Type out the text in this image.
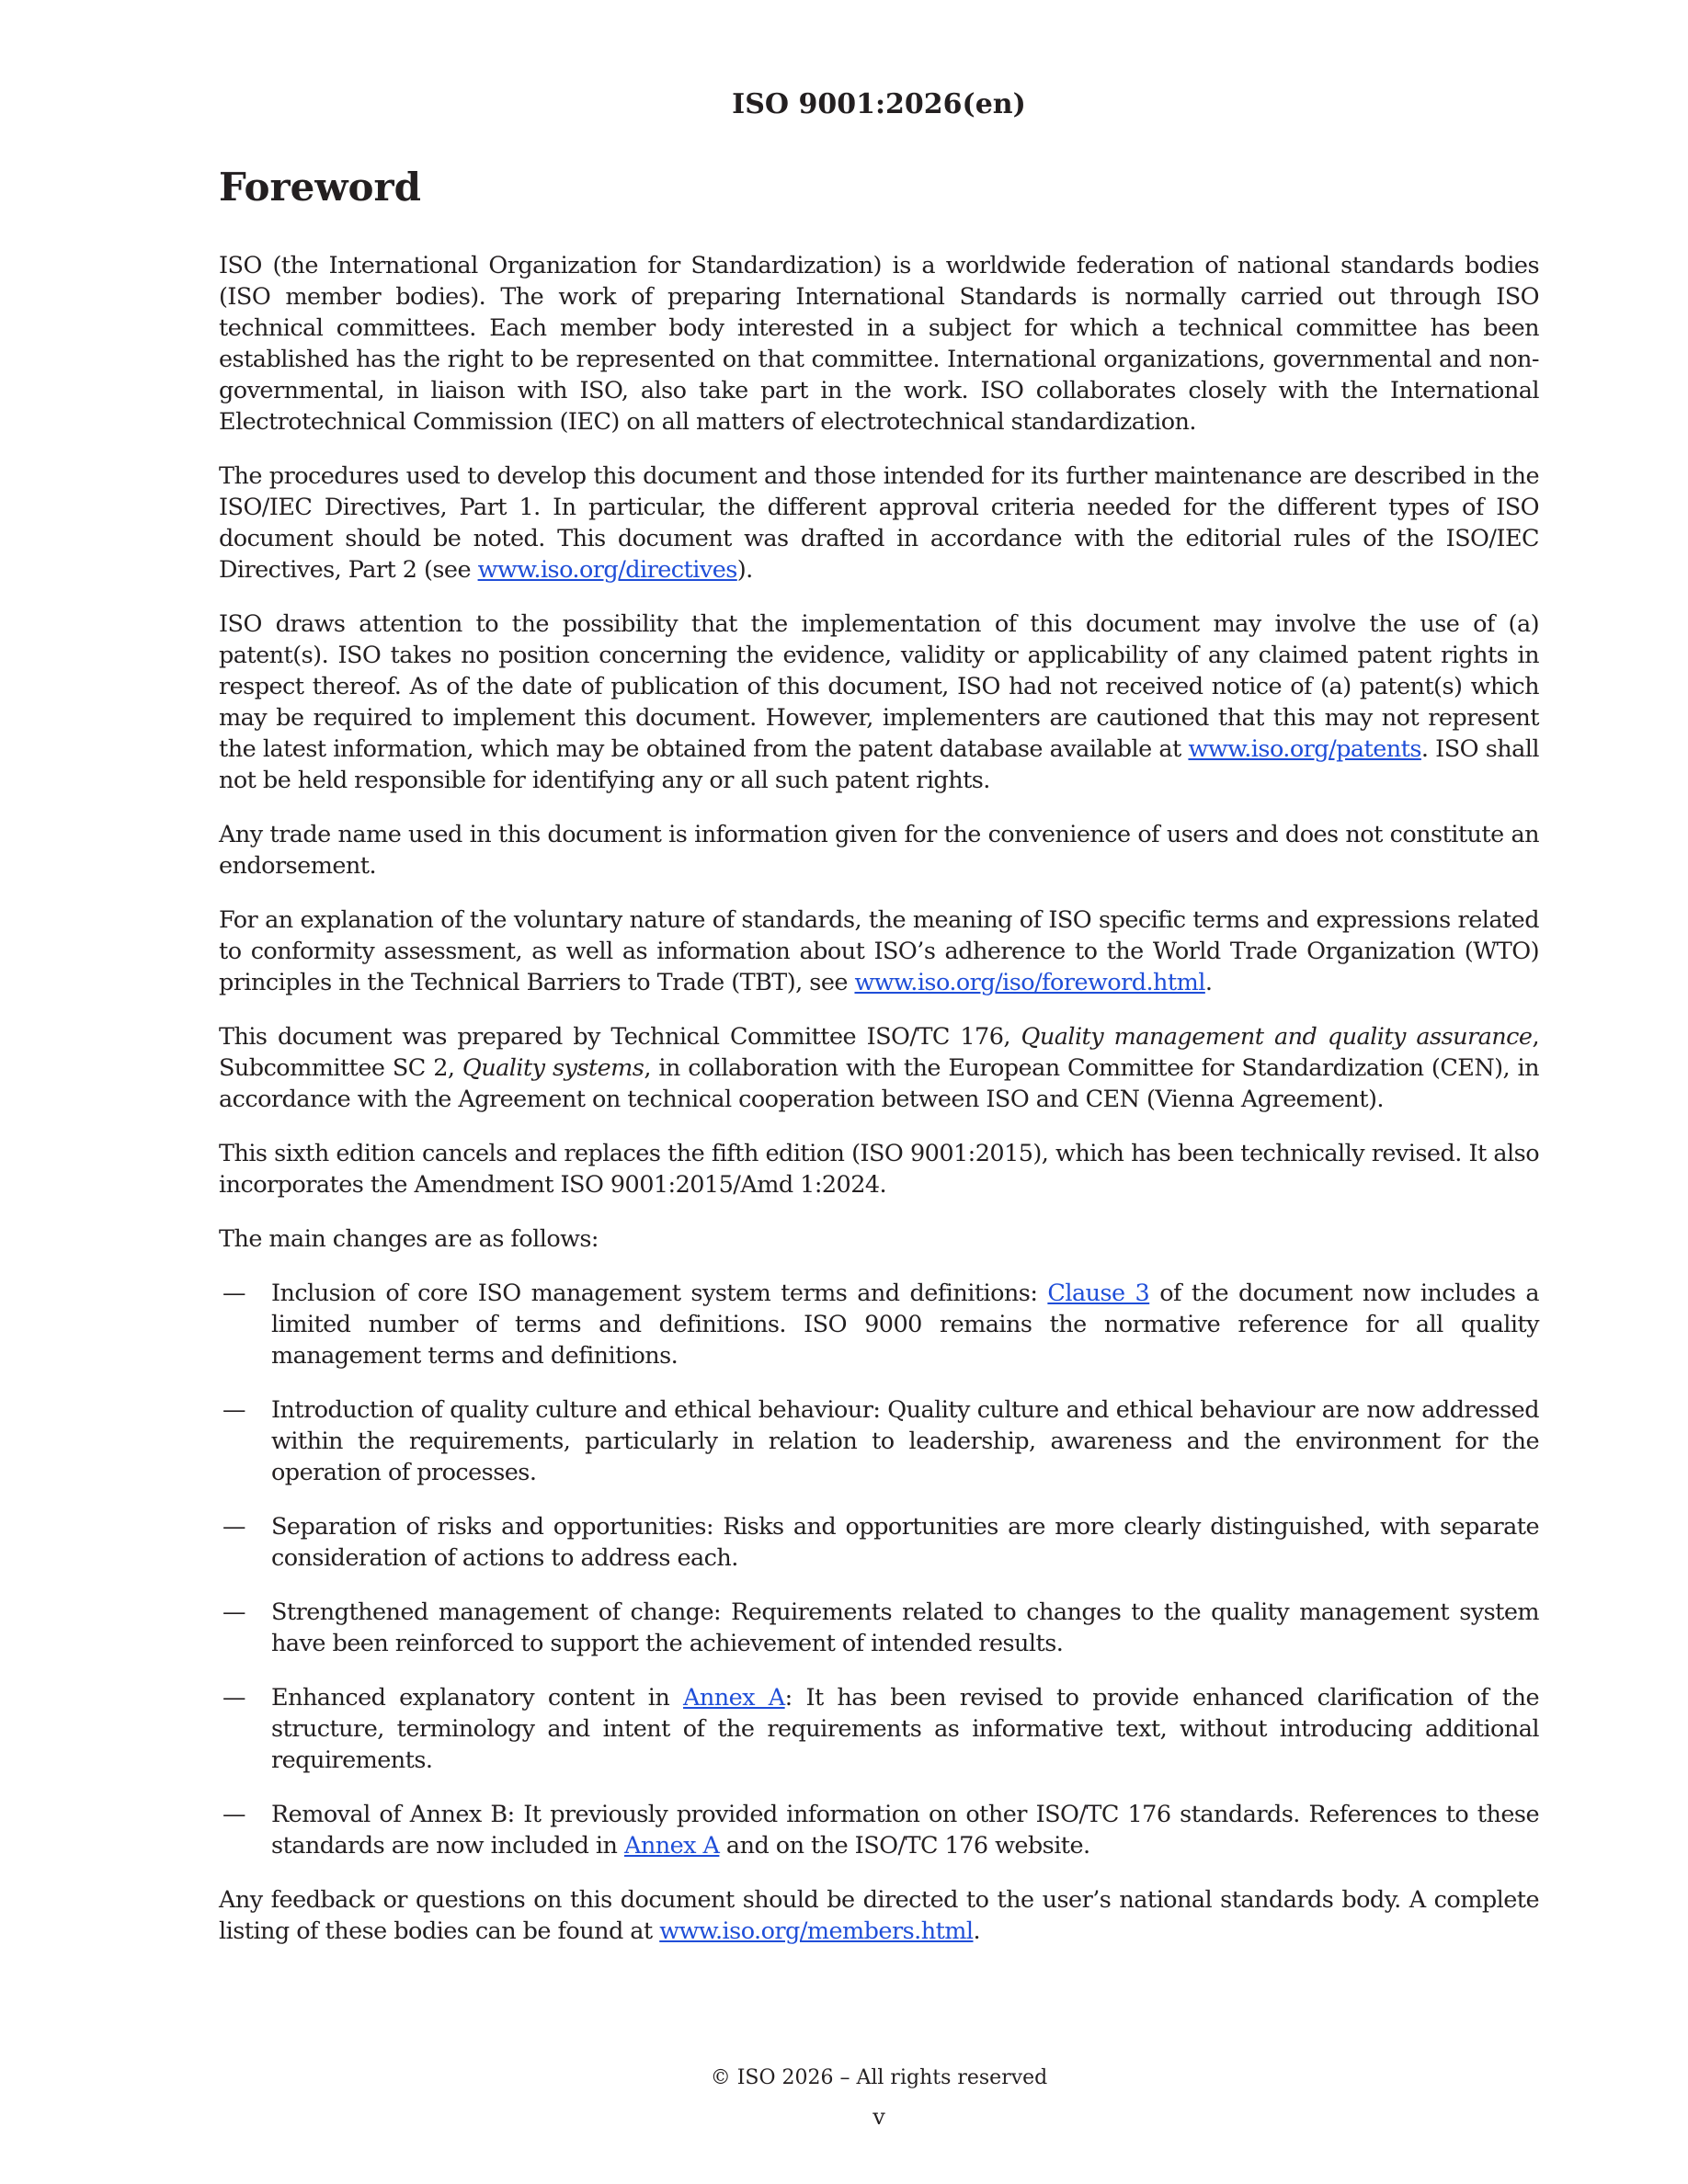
ISO 9001:2026(en)
Foreword

ISO (the International Organization for Standardization) is a worldwide federation of national standards bodies (ISO member bodies). The work of preparing International Standards is normally carried out through ISO technical committees. Each member body interested in a subject for which a technical committee has been established has the right to be represented on that committee. International organizations, governmental and non-governmental, in liaison with ISO, also take part in the work. ISO collaborates closely with the International Electrotechnical Commission (IEC) on all matters of electrotechnical standardization.

The procedures used to develop this document and those intended for its further maintenance are described in the ISO/IEC Directives, Part 1. In particular, the different approval criteria needed for the different types of ISO document should be noted. This document was drafted in accordance with the editorial rules of the ISO/IEC Directives, Part 2 (see www.iso.org/directives).

ISO draws attention to the possibility that the implementation of this document may involve the use of (a) patent(s). ISO takes no position concerning the evidence, validity or applicability of any claimed patent rights in respect thereof. As of the date of publication of this document, ISO had not received notice of (a) patent(s) which may be required to implement this document. However, implementers are cautioned that this may not represent the latest information, which may be obtained from the patent database available at www.iso.org/patents. ISO shall not be held responsible for identifying any or all such patent rights.

Any trade name used in this document is information given for the convenience of users and does not constitute an endorsement.

For an explanation of the voluntary nature of standards, the meaning of ISO specific terms and expressions related to conformity assessment, as well as information about ISO’s adherence to the World Trade Organization (WTO) principles in the Technical Barriers to Trade (TBT), see www.iso.org/iso/foreword.html.

This document was prepared by Technical Committee ISO/TC 176, Quality management and quality assurance, Subcommittee SC 2, Quality systems, in collaboration with the European Committee for Standardization (CEN), in accordance with the Agreement on technical cooperation between ISO and CEN (Vienna Agreement).

This sixth edition cancels and replaces the fifth edition (ISO 9001:2015), which has been technically revised. It also incorporates the Amendment ISO 9001:2015/Amd 1:2024.

The main changes are as follows:

— Inclusion of core ISO management system terms and definitions: Clause 3 of the document now includes a limited number of terms and definitions. ISO 9000 remains the normative reference for all quality management terms and definitions.
— Introduction of quality culture and ethical behaviour: Quality culture and ethical behaviour are now addressed within the requirements, particularly in relation to leadership, awareness and the environment for the operation of processes.
— Separation of risks and opportunities: Risks and opportunities are more clearly distinguished, with separate consideration of actions to address each.
— Strengthened management of change: Requirements related to changes to the quality management system have been reinforced to support the achievement of intended results.
— Enhanced explanatory content in Annex A: It has been revised to provide enhanced clarification of the structure, terminology and intent of the requirements as informative text, without introducing additional requirements.
— Removal of Annex B: It previously provided information on other ISO/TC 176 standards. References to these standards are now included in Annex A and on the ISO/TC 176 website.

Any feedback or questions on this document should be directed to the user’s national standards body. A complete listing of these bodies can be found at www.iso.org/members.html.

© ISO 2026 – All rights reserved
v
